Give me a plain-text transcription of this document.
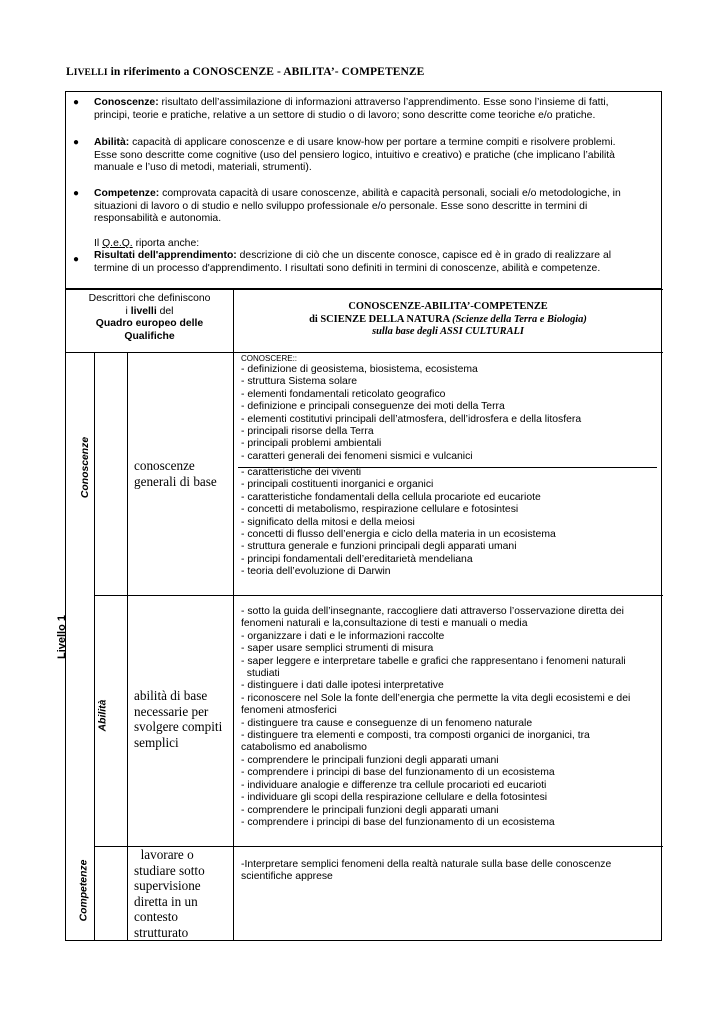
LIVELLI in riferimento a CONOSCENZE - ABILITA’- COMPETENZE
● Conoscenze: risultato dell’assimilazione di informazioni attraverso l’apprendimento. Esse sono l’insieme di fatti,
principi, teorie e pratiche, relative a un settore di studio o di lavoro; sono descritte come teoriche e/o pratiche.
● Abilità: capacità di applicare conoscenze e di usare know-how per portare a termine compiti e risolvere problemi.
Esse sono descritte come cognitive (uso del pensiero logico, intuitivo e creativo) e pratiche (che implicano l’abilità
manuale e l’uso di metodi, materiali, strumenti).
● Competenze: comprovata capacità di usare conoscenze, abilità e capacità personali, sociali e/o metodologiche, in
situazioni di lavoro o di studio e nello sviluppo professionale e/o personale. Esse sono descritte in termini di
responsabilità e autonomia.
Il Q.e.Q. riporta anche:
● Risultati dell'apprendimento: descrizione di ciò che un discente conosce, capisce ed è in grado di realizzare al
termine di un processo d'apprendimento. I risultati sono definiti in termini di conoscenze, abilità e competenze.
Descrittori che definiscono
i livelli del
Quadro europeo delle
Qualifiche
CONOSCENZE-ABILITA’-COMPETENZE
di SCIENZE DELLA NATURA (Scienze della Terra e Biologia)
sulla base degli ASSI CULTURALI
Livello 1
Conoscenze
Abilità
Competenze
conoscenze
generali di base
abilità di base
necessarie per
svolgere compiti
semplici
lavorare o
studiare sotto
supervisione
diretta in un
contesto
strutturato
CONOSCERE::
- definizione di geosistema, biosistema, ecosistema
- struttura Sistema solare
- elementi fondamentali reticolato geografico
- definizione e principali conseguenze dei moti della Terra
- elementi costitutivi principali dell’atmosfera, dell’idrosfera e della litosfera
- principali risorse della Terra
- principali problemi ambientali
- caratteri generali dei fenomeni sismici e vulcanici
- caratteristiche dei viventi
- principali costituenti inorganici e organici
- caratteristiche fondamentali della cellula procariote ed eucariote
- concetti di metabolismo, respirazione cellulare e fotosintesi
- significato della mitosi e della meiosi
- concetti di flusso dell’energia e ciclo della materia in un ecosistema
- struttura generale e funzioni principali degli apparati umani
- principi fondamentali dell’ereditarietà mendeliana
- teoria dell’evoluzione di Darwin
- sotto la guida dell’insegnante, raccogliere dati attraverso l’osservazione diretta dei
fenomeni naturali e la,consultazione di testi e manuali o media
- organizzare i dati e le informazioni raccolte
- saper usare semplici strumenti di misura
- saper leggere e interpretare tabelle e grafici che rappresentano i fenomeni naturali
studiati
- distinguere i dati dalle ipotesi interpretative
- riconoscere nel Sole la fonte dell’energia che permette la vita degli ecosistemi e dei
fenomeni atmosferici
- distinguere tra cause e conseguenze di un fenomeno naturale
- distinguere tra elementi e composti, tra composti organici de inorganici, tra
catabolismo ed anabolismo
- comprendere le principali funzioni degli apparati umani
- comprendere i principi di base del funzionamento di un ecosistema
- individuare analogie e differenze tra cellule procarioti ed eucarioti
- individuare gli scopi della respirazione cellulare e della fotosintesi
- comprendere le principali funzioni degli apparati umani
- comprendere i principi di base del funzionamento di un ecosistema
-Interpretare semplici fenomeni della realtà naturale sulla base delle conoscenze
scientifiche apprese
